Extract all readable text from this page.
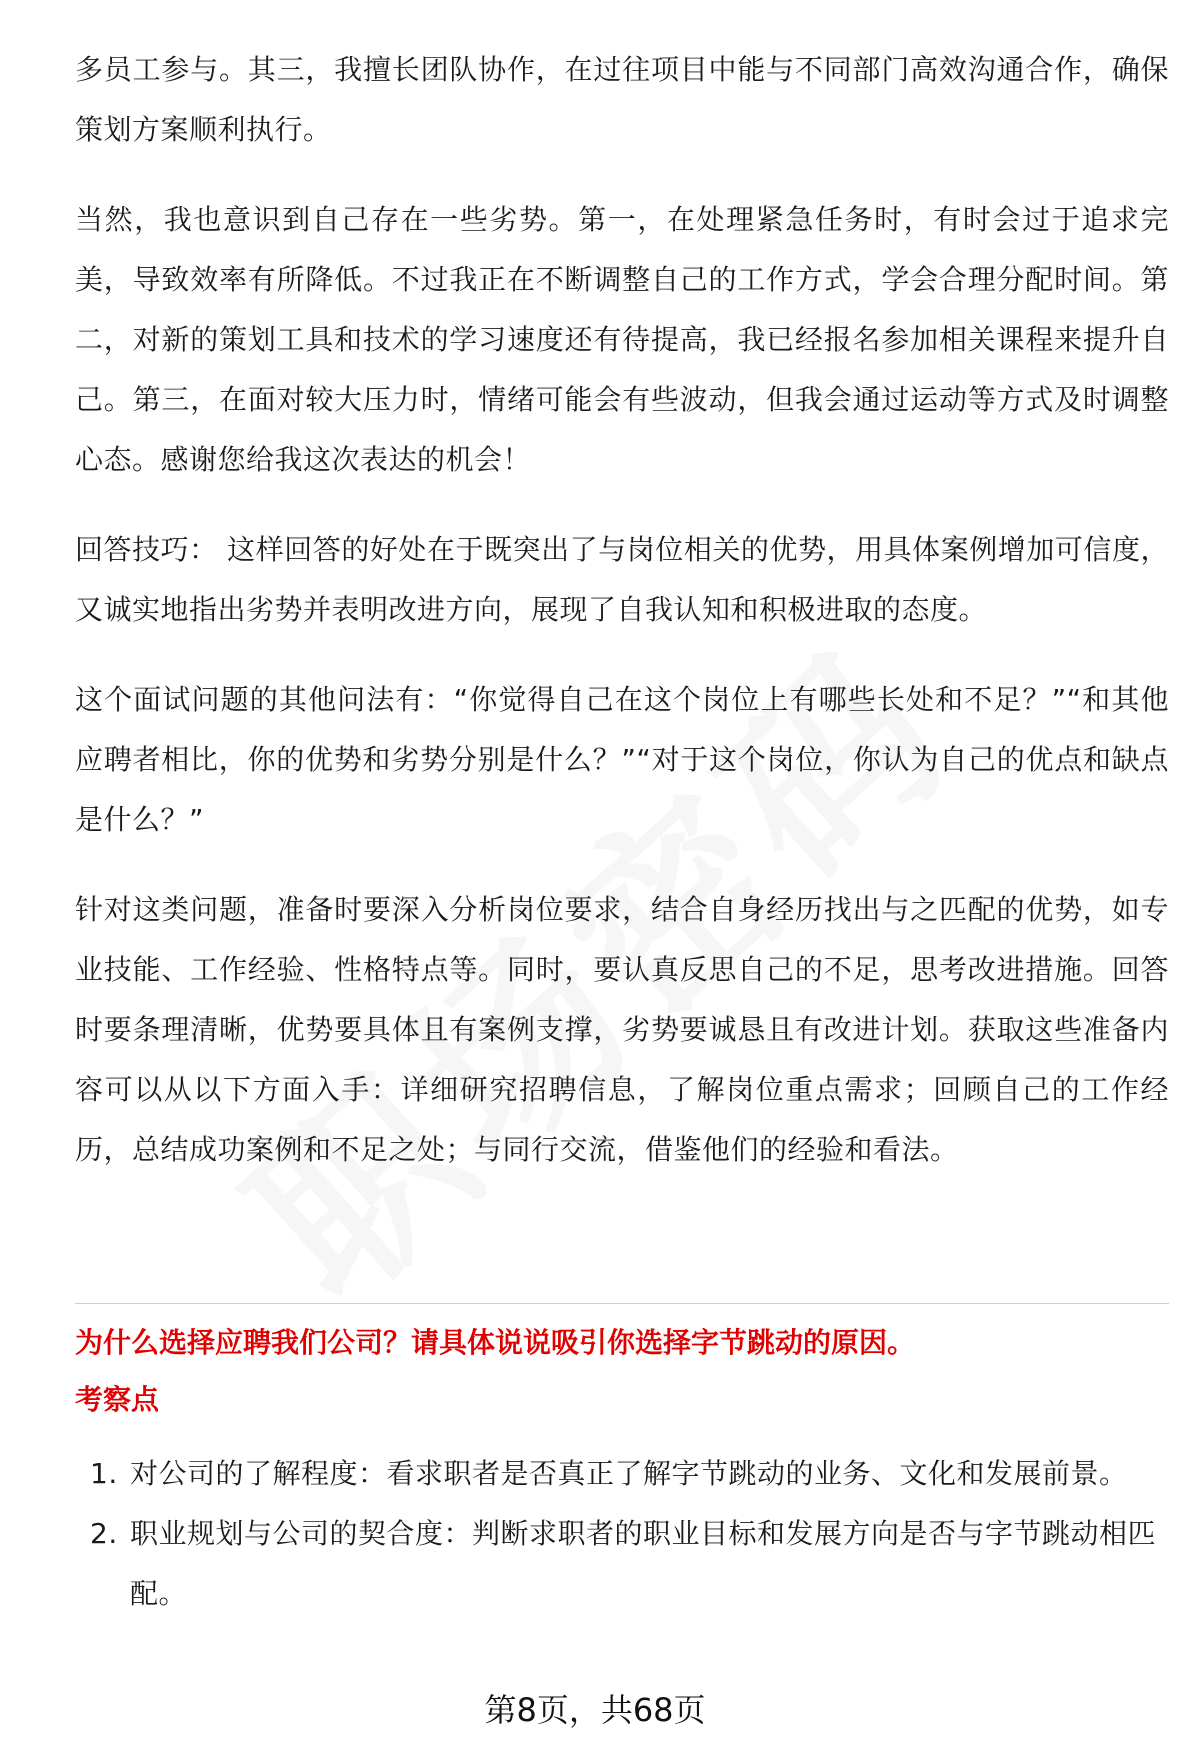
多员工参与。其三，我擅长团队协作，在过往项目中能与不同部门高效沟通合作，确保策划方案顺利执行。

当然，我也意识到自己存在一些劣势。第一，在处理紧急任务时，有时会过于追求完美，导致效率有所降低。不过我正在不断调整自己的工作方式，学会合理分配时间。第二，对新的策划工具和技术的学习速度还有待提高，我已经报名参加相关课程来提升自己。第三，在面对较大压力时，情绪可能会有些波动，但我会通过运动等方式及时调整心态。感谢您给我这次表达的机会！

回答技巧： 这样回答的好处在于既突出了与岗位相关的优势，用具体案例增加可信度，又诚实地指出劣势并表明改进方向，展现了自我认知和积极进取的态度。

这个面试问题的其他问法有：“你觉得自己在这个岗位上有哪些长处和不足？”“和其他应聘者相比，你的优势和劣势分别是什么？”“对于这个岗位，你认为自己的优点和缺点是什么？”

针对这类问题，准备时要深入分析岗位要求，结合自身经历找出与之匹配的优势，如专业技能、工作经验、性格特点等。同时，要认真反思自己的不足，思考改进措施。回答时要条理清晰，优势要具体且有案例支撑，劣势要诚恳且有改进计划。获取这些准备内容可以从以下方面入手：详细研究招聘信息，了解岗位重点需求；回顾自己的工作经历，总结成功案例和不足之处；与同行交流，借鉴他们的经验和看法。

为什么选择应聘我们公司？请具体说说吸引你选择字节跳动的原因。
考察点
1. 对公司的了解程度：看求职者是否真正了解字节跳动的业务、文化和发展前景。
2. 职业规划与公司的契合度：判断求职者的职业目标和发展方向是否与字节跳动相匹配。
第8页，共68页
